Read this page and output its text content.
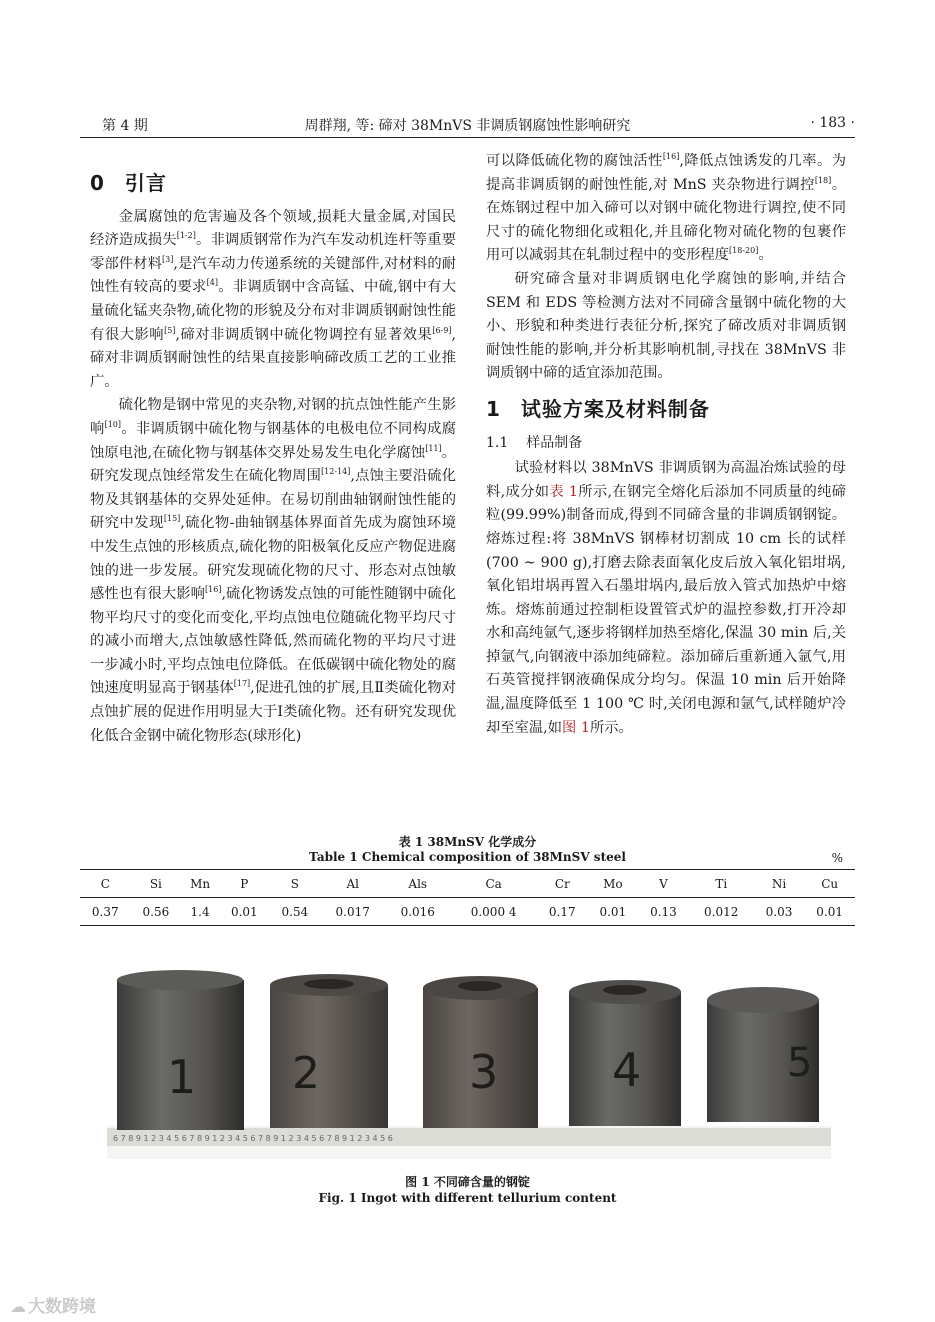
第 4 期	周群翔, 等: 碲对 38MnVS 非调质钢腐蚀性影响研究	· 183 ·
0 引言

金属腐蚀的危害遍及各个领域,损耗大量金属,对国民经济造成损失[1-2]。非调质钢常作为汽车发动机连杆等重要零部件材料[3],是汽车动力传递系统的关键部件,对材料的耐蚀性有较高的要求[4]。非调质钢中含高锰、中硫,钢中有大量硫化锰夹杂物,硫化物的形貌及分布对非调质钢耐蚀性能有很大影响[5],碲对非调质钢中硫化物调控有显著效果[6-9],碲对非调质钢耐蚀性的结果直接影响碲改质工艺的工业推广。

硫化物是钢中常见的夹杂物,对钢的抗点蚀性能产生影响[10]。非调质钢中硫化物与钢基体的电极电位不同构成腐蚀原电池,在硫化物与钢基体交界处易发生电化学腐蚀[11]。研究发现点蚀经常发生在硫化物周围[12-14],点蚀主要沿硫化物及其钢基体的交界处延伸。在易切削曲轴钢耐蚀性能的研究中发现[15],硫化物-曲轴钢基体界面首先成为腐蚀环境中发生点蚀的形核质点,硫化物的阳极氧化反应产物促进腐蚀的进一步发展。研究发现硫化物的尺寸、形态对点蚀敏感性也有很大影响[16],硫化物诱发点蚀的可能性随钢中硫化物平均尺寸的变化而变化,平均点蚀电位随硫化物平均尺寸的减小而增大,点蚀敏感性降低,然而硫化物的平均尺寸进一步减小时,平均点蚀电位降低。在低碳钢中硫化物处的腐蚀速度明显高于钢基体[17],促进孔蚀的扩展,且Ⅱ类硫化物对点蚀扩展的促进作用明显大于Ⅰ类硫化物。还有研究发现优化低合金钢中硫化物形态(球形化)

可以降低硫化物的腐蚀活性[16],降低点蚀诱发的几率。为提高非调质钢的耐蚀性能,对 MnS 夹杂物进行调控[18]。在炼钢过程中加入碲可以对钢中硫化物进行调控,使不同尺寸的硫化物细化或粗化,并且碲化物对硫化物的包裹作用可以减弱其在轧制过程中的变形程度[18-20]。

研究碲含量对非调质钢电化学腐蚀的影响,并结合 SEM 和 EDS 等检测方法对不同碲含量钢中硫化物的大小、形貌和种类进行表征分析,探究了碲改质对非调质钢耐蚀性能的影响,并分析其影响机制,寻找在 38MnVS 非调质钢中碲的适宜添加范围。

1 试验方案及材料制备
1.1 样品制备

试验材料以 38MnVS 非调质钢为高温冶炼试验的母料,成分如表 1所示,在钢完全熔化后添加不同质量的纯碲粒(99.99%)制备而成,得到不同碲含量的非调质钢钢锭。熔炼过程:将 38MnVS 钢棒材切割成 10 cm 长的试样(700 ~ 900 g),打磨去除表面氧化皮后放入氧化铝坩埚,氧化铝坩埚再置入石墨坩埚内,最后放入管式加热炉中熔炼。熔炼前通过控制柜设置管式炉的温控参数,打开冷却水和高纯氩气,逐步将钢样加热至熔化,保温 30 min 后,关掉氩气,向钢液中添加纯碲粒。添加碲后重新通入氩气,用石英管搅拌钢液确保成分均匀。保温 10 min 后开始降温,温度降低至 1 100 ℃ 时,关闭电源和氩气,试样随炉冷却至室温,如图 1所示。

表 1 38MnSV 化学成分
Table 1 Chemical composition of 38MnSV steel	%
C	Si	Mn	P	S	Al	Als	Ca	Cr	Mo	V	Ti	Ni	Cu
0.37	0.56	1.4	0.01	0.54	0.017	0.016	0.000 4	0.17	0.01	0.13	0.012	0.03	0.01
6 7 8 9 1 2 3 4 5 6 7 8 9 1 2 3 4 5 6 7 8 9 1 2 3 4 5 6 7 8 9 1 2 3 4 5 6
1 2	3 4	5
图 1 不同碲含量的钢锭
Fig. 1 Ingot with different tellurium content
☁ 大数跨境
